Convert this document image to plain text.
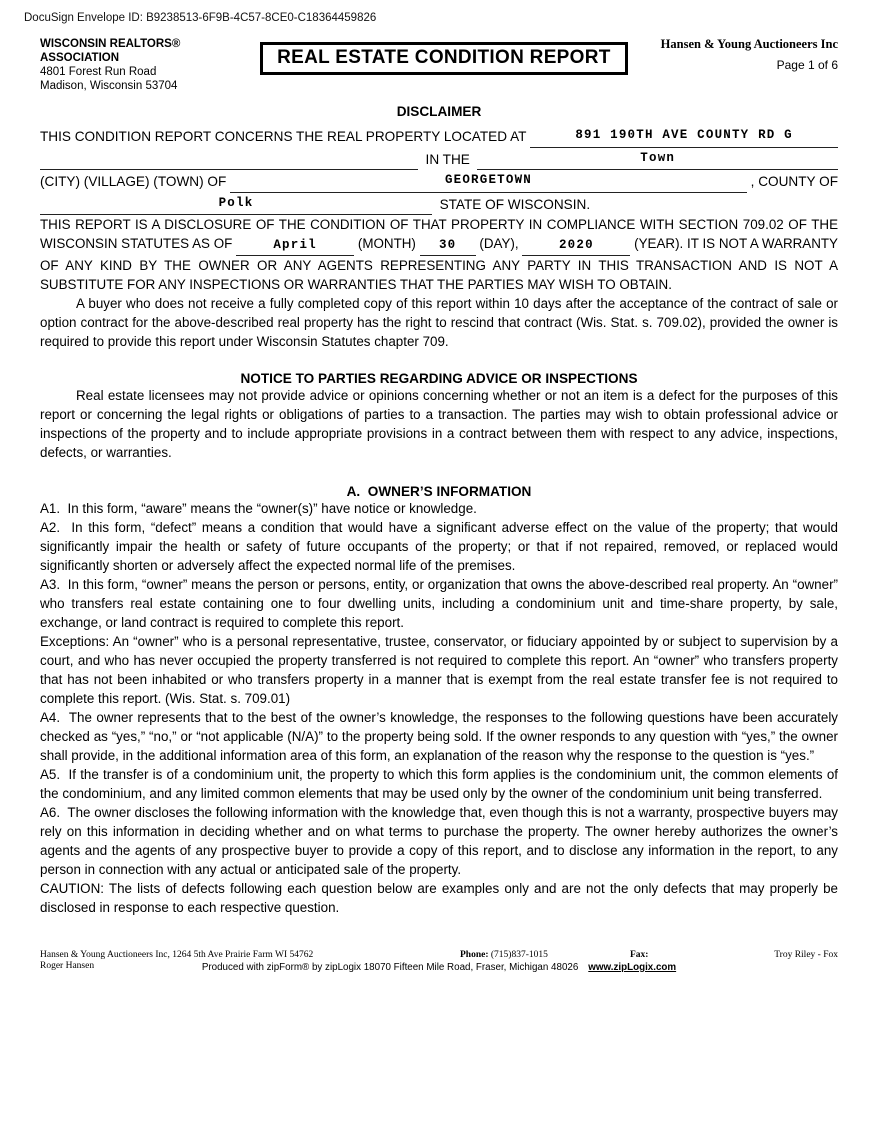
DocuSign Envelope ID: B9238513-6F9B-4C57-8CE0-C18364459826
WISCONSIN REALTORS® ASSOCIATION
4801 Forest Run Road
Madison, Wisconsin 53704
REAL ESTATE CONDITION REPORT
Hansen & Young Auctioneers Inc
Page 1 of 6
DISCLAIMER
THIS CONDITION REPORT CONCERNS THE REAL PROPERTY LOCATED AT
	891 190TH AVE COUNTY RD G
IN THE	Town
(CITY) (VILLAGE) (TOWN) OF
	GEORGETOWN	, COUNTY OF
Polk	STATE OF WISCONSIN.

THIS REPORT IS A DISCLOSURE OF THE CONDITION OF THAT PROPERTY IN COMPLIANCE WITH SECTION 709.02 OF THE WISCONSIN STATUTES AS OF	April	(MONTH) 30 (DAY),	2020	(YEAR). IT IS NOT A WARRANTY OF ANY KIND BY THE OWNER OR ANY AGENTS REPRESENTING ANY PARTY IN THIS TRANSACTION AND IS NOT A SUBSTITUTE FOR ANY INSPECTIONS OR WARRANTIES THAT THE PARTIES MAY WISH TO OBTAIN.

A buyer who does not receive a fully completed copy of this report within 10 days after the acceptance of the contract of sale or option contract for the above-described real property has the right to rescind that contract (Wis. Stat. s. 709.02), provided the owner is required to provide this report under Wisconsin Statutes chapter 709.

NOTICE TO PARTIES REGARDING ADVICE OR INSPECTIONS

Real estate licensees may not provide advice or opinions concerning whether or not an item is a defect for the purposes of this report or concerning the legal rights or obligations of parties to a transaction. The parties may wish to obtain professional advice or inspections of the property and to include appropriate provisions in a contract between them with respect to any advice, inspections, defects, or warranties.

A.  OWNER’S INFORMATION

A1.  In this form, “aware” means the “owner(s)” have notice or knowledge.

A2.  In this form, “defect” means a condition that would have a significant adverse effect on the value of the property; that would significantly impair the health or safety of future occupants of the property; or that if not repaired, removed, or replaced would significantly shorten or adversely affect the expected normal life of the premises.

A3.  In this form, “owner” means the person or persons, entity, or organization that owns the above-described real property. An “owner” who transfers real estate containing one to four dwelling units, including a condominium unit and time-share property, by sale, exchange, or land contract is required to complete this report.

Exceptions: An “owner” who is a personal representative, trustee, conservator, or fiduciary appointed by or subject to supervision by a court, and who has never occupied the property transferred is not required to complete this report. An “owner” who transfers property that has not been inhabited or who transfers property in a manner that is exempt from the real estate transfer fee is not required to complete this report. (Wis. Stat. s. 709.01)

A4.  The owner represents that to the best of the owner’s knowledge, the responses to the following questions have been accurately checked as “yes,” “no,” or “not applicable (N/A)” to the property being sold. If the owner responds to any question with “yes,” the owner shall provide, in the additional information area of this form, an explanation of the reason why the response to the question is “yes.”

A5.  If the transfer is of a condominium unit, the property to which this form applies is the condominium unit, the common elements of the condominium, and any limited common elements that may be used only by the owner of the condominium unit being transferred.

A6.  The owner discloses the following information with the knowledge that, even though this is not a warranty, prospective buyers may rely on this information in deciding whether and on what terms to purchase the property. The owner hereby authorizes the owner’s agents and the agents of any prospective buyer to provide a copy of this report, and to disclose any information in the report, to any person in connection with any actual or anticipated sale of the property.

CAUTION: The lists of defects following each question below are examples only and are not the only defects that may properly be disclosed in response to each respective question.

Hansen & Young Auctioneers Inc, 1264 5th Ave Prairie Farm WI 54762	Phone: (715)837-1015	Fax:	Troy Riley - Fox
Roger Hansen	Produced with zipForm® by zipLogix 18070 Fifteen Mile Road, Fraser, Michigan 48026 www.zipLogix.com
